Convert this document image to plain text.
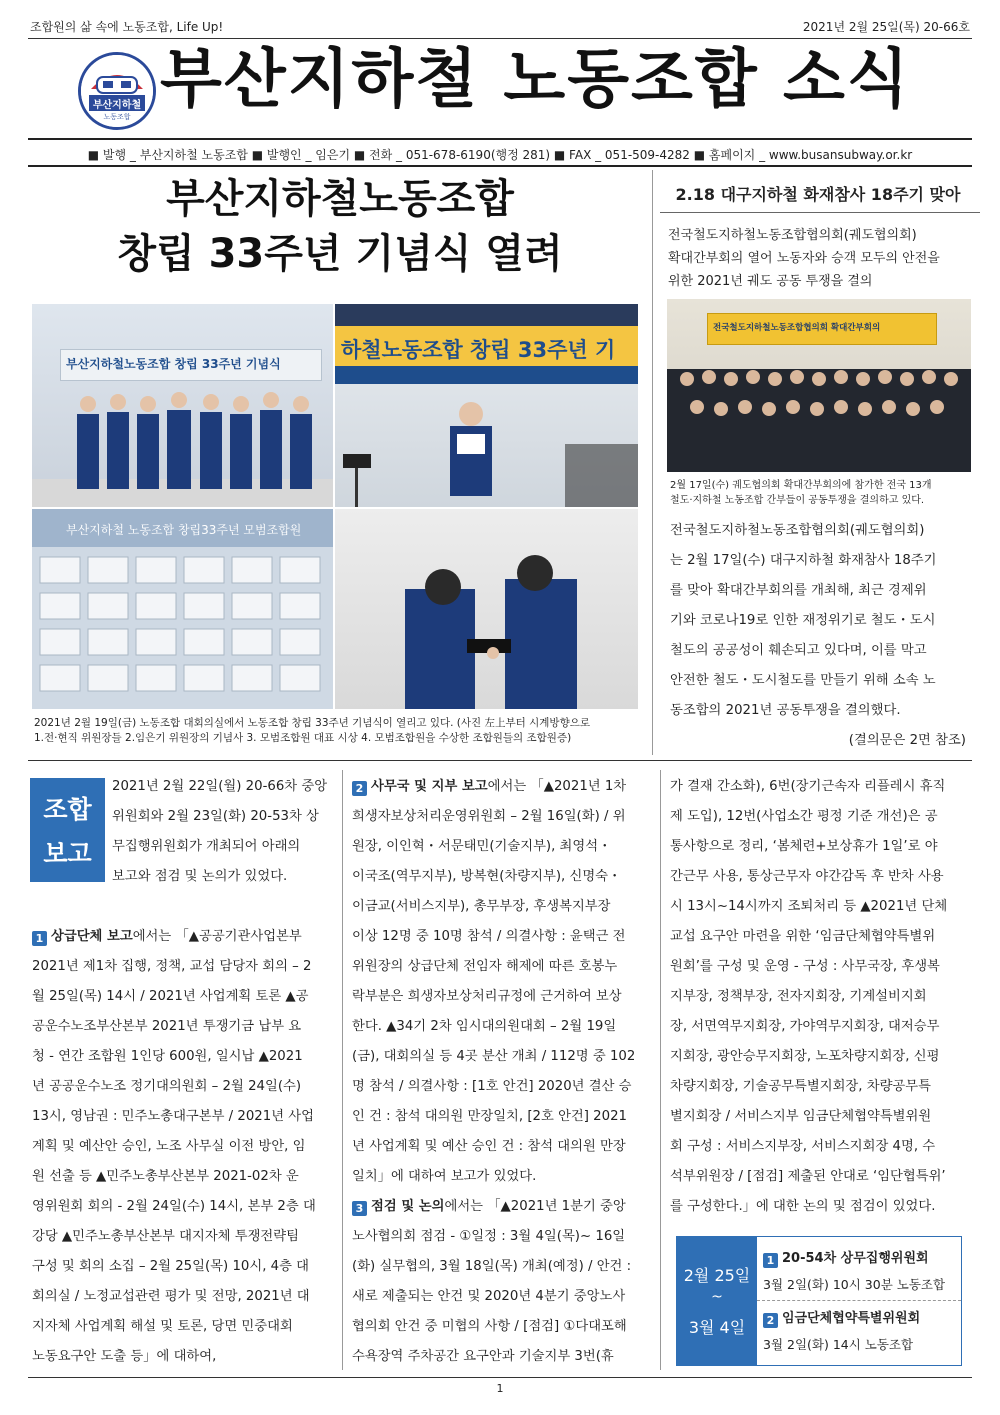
조합원의 삶 속에 노동조합, Life Up!	2021년 2월 25일(목) 20-66호
부산지하철
노동조합 부산지하철 노동조합 소식
■ 발행 _ 부산지하철 노동조합 ■ 발행인 _ 임은기 ■ 전화 _ 051-678-6190(행정 281) ■ FAX _ 051-509-4282 ■ 홈페이지 _ www.busansubway.or.kr
부산지하철노동조합
창립 33주년 기념식 열려
부산지하철노동조합 창립 33주년 기념식
하철노동조합 창립 33주년 기
부산지하철 노동조합 창립33주년 모범조합원
2021년 2월 19일(금) 노동조합 대회의실에서 노동조합 창립 33주년 기념식이 열리고 있다. (사진 左上부터 시계방향으로
1.전·현직 위원장들 2.임은기 위원장의 기념사 3. 모범조합원 대표 시상 4. 모범조합원을 수상한 조합원들의 조합원증)
2.18 대구지하철 화재참사 18주기 맞아
전국철도지하철노동조합협의회(궤도협의회)
확대간부회의 열어 노동자와 승객 모두의 안전을
위한 2021년 궤도 공동 투쟁을 결의
전국철도지하철노동조합협의회 확대간부회의
2월 17일(수) 궤도협의회 확대간부회의에 참가한 전국 13개
철도·지하철 노동조합 간부들이 공동투쟁을 결의하고 있다.
전국철도지하철노동조합협의회(궤도협의회)
는 2월 17일(수) 대구지하철 화재참사 18주기
를 맞아 확대간부회의를 개최해, 최근 경제위
기와 코로나19로 인한 재정위기로 철도・도시
철도의 공공성이 훼손되고 있다며, 이를 막고
안전한 철도・도시철도를 만들기 위해 소속 노
동조합의 2021년 공동투쟁을 결의했다.
(결의문은 2면 참조)
조합
보고
2021년 2월 22일(월) 20-66차 중앙
위원회와 2월 23일(화) 20-53차 상
무집행위원회가 개최되어 아래의
보고와 점검 및 논의가 있었다.
1 상급단체 보고에서는 「▲공공기관사업본부
2021년 제1차 집행, 정책, 교섭 담당자 회의 – 2
월 25일(목) 14시 / 2021년 사업계획 토론 ▲공
공운수노조부산본부 2021년 투쟁기금 납부 요
청 - 연간 조합원 1인당 600원, 일시납 ▲2021
년 공공운수노조 정기대의원회 – 2월 24일(수)
13시, 영남권 : 민주노총대구본부 / 2021년 사업
계획 및 예산안 승인, 노조 사무실 이전 방안, 임
원 선출 등 ▲민주노총부산본부 2021-02차 운
영위원회 회의 - 2월 24일(수) 14시, 본부 2층 대
강당 ▲민주노총부산본부 대지자체 투쟁전략팀
구성 및 회의 소집 – 2월 25일(목) 10시, 4층 대
회의실 / 노정교섭관련 평가 및 전망, 2021년 대
지자체 사업계획 해설 및 토론, 당면 민중대회
노동요구안 도출 등」에 대하여,
2 사무국 및 지부 보고에서는 「▲2021년 1차
희생자보상처리운영위원회 – 2월 16일(화) / 위
원장, 이인혁・서문태민(기술지부), 최영석・
이국조(역무지부), 방복현(차량지부), 신명숙・
이금교(서비스지부), 총무부장, 후생복지부장
이상 12명 중 10명 참석 / 의결사항 : 윤택근 전
위원장의 상급단체 전임자 해제에 따른 호봉누
락부분은 희생자보상처리규정에 근거하여 보상
한다. ▲34기 2차 임시대의원대회 – 2월 19일
(금), 대회의실 등 4곳 분산 개최 / 112명 중 102
명 참석 / 의결사항 : [1호 안건] 2020년 결산 승
인 건 : 참석 대의원 만장일치, [2호 안건] 2021
년 사업계획 및 예산 승인 건 : 참석 대의원 만장
일치」에 대하여 보고가 있었다.
3 점검 및 논의에서는 「▲2021년 1분기 중앙
노사협의회 점검 - ①일정 : 3월 4일(목)~ 16일
(화) 실무협의, 3월 18일(목) 개최(예정) / 안건 :
새로 제출되는 안건 및 2020년 4분기 중앙노사
협의회 안건 중 미협의 사항 / [점검] ①다대포해
수욕장역 주차공간 요구안과 기술지부 3번(휴
가 결재 간소화), 6번(장기근속자 리플레시 휴직
제 도입), 12번(사업소간 평정 기준 개선)은 공
통사항으로 정리, ‘봄체련+보상휴가 1일’로 야
간근무 사용, 통상근무자 야간감독 후 반차 사용
시 13시~14시까지 조퇴처리 등 ▲2021년 단체
교섭 요구안 마련을 위한 ‘임금단체협약특별위
원회’를 구성 및 운영 - 구성 : 사무국장, 후생복
지부장, 정책부장, 전자지회장, 기계설비지회
장, 서면역무지회장, 가야역무지회장, 대저승무
지회장, 광안승무지회장, 노포차량지회장, 신평
차량지회장, 기술공무특별지회장, 차량공무특
별지회장 / 서비스지부 임금단체협약특별위원
회 구성 : 서비스지부장, 서비스지회장 4명, 수
석부위원장 / [점검] 제출된 안대로 ‘임단협특위’
를 구성한다.」에 대한 논의 및 점검이 있었다.
2월 25일
~
3월 4일
1 20-54차 상무집행위원회
3월 2일(화) 10시 30분 노동조합
2 임금단체협약특별위원회
3월 2일(화) 14시 노동조합
1
